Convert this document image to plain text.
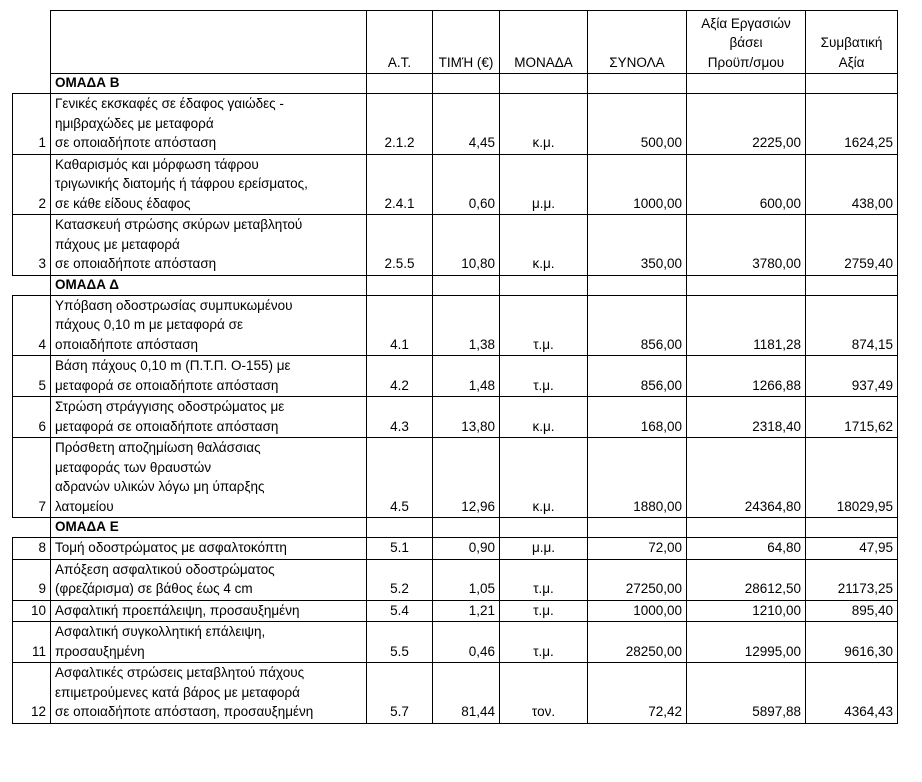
		Α.Τ.	ΤΙΜΉ (€)	ΜΟΝΑΔΑ	ΣΥΝΟΛΑ	Αξία Εργασιών
βάσει
Προϋπ/σμου	Συμβατική
Αξία
	ΟΜΑΔΑ Β						
1	Γενικές εκσκαφές σε έδαφος γαιώδες -
ημιβραχώδες με μεταφορά
σε οποιαδήποτε απόσταση	2.1.2	4,45	κ.μ.	500,00	2225,00	1624,25
2	Καθαρισμός και μόρφωση τάφρου
τριγωνικής διατομής ή τάφρου ερείσματος,
σε κάθε είδους έδαφος	2.4.1	0,60	μ.μ.	1000,00	600,00	438,00
3	Κατασκευή στρώσης σκύρων μεταβλητού
πάχους με μεταφορά
σε οποιαδήποτε απόσταση	2.5.5	10,80	κ.μ.	350,00	3780,00	2759,40
	ΟΜΑΔΑ Δ						
4	Υπόβαση οδοστρωσίας συμπυκωμένου
πάχους 0,10 m με μεταφορά σε
οποιαδήποτε απόσταση	4.1	1,38	τ.μ.	856,00	1181,28	874,15
5	Βάση πάχους 0,10 m (Π.Τ.Π. Ο-155) με
μεταφορά σε οποιαδήποτε απόσταση	4.2	1,48	τ.μ.	856,00	1266,88	937,49
6	Στρώση στράγγισης οδοστρώματος με
μεταφορά σε οποιαδήποτε απόσταση	4.3	13,80	κ.μ.	168,00	2318,40	1715,62
7	Πρόσθετη αποζημίωση θαλάσσιας
μεταφοράς των θραυστών
αδρανών υλικών λόγω μη ύπαρξης
λατομείου	4.5	12,96	κ.μ.	1880,00	24364,80	18029,95
	ΟΜΑΔΑ Ε						
8	Τομή οδοστρώματος με ασφαλτοκόπτη	5.1	0,90	μ.μ.	72,00	64,80	47,95
9	Απόξεση ασφαλτικού οδοστρώματος
(φρεζάρισμα) σε βάθος έως 4 cm	5.2	1,05	τ.μ.	27250,00	28612,50	21173,25
10	Ασφαλτική προεπάλειψη, προσαυξημένη	5.4	1,21	τ.μ.	1000,00	1210,00	895,40
11	Ασφαλτική συγκολλητική επάλειψη,
προσαυξημένη	5.5	0,46	τ.μ.	28250,00	12995,00	9616,30
12	Ασφαλτικές στρώσεις μεταβλητού πάχους
επιμετρούμενες κατά βάρος με μεταφορά
σε οποιαδήποτε απόσταση, προσαυξημένη	5.7	81,44	τον.	72,42	5897,88	4364,43
